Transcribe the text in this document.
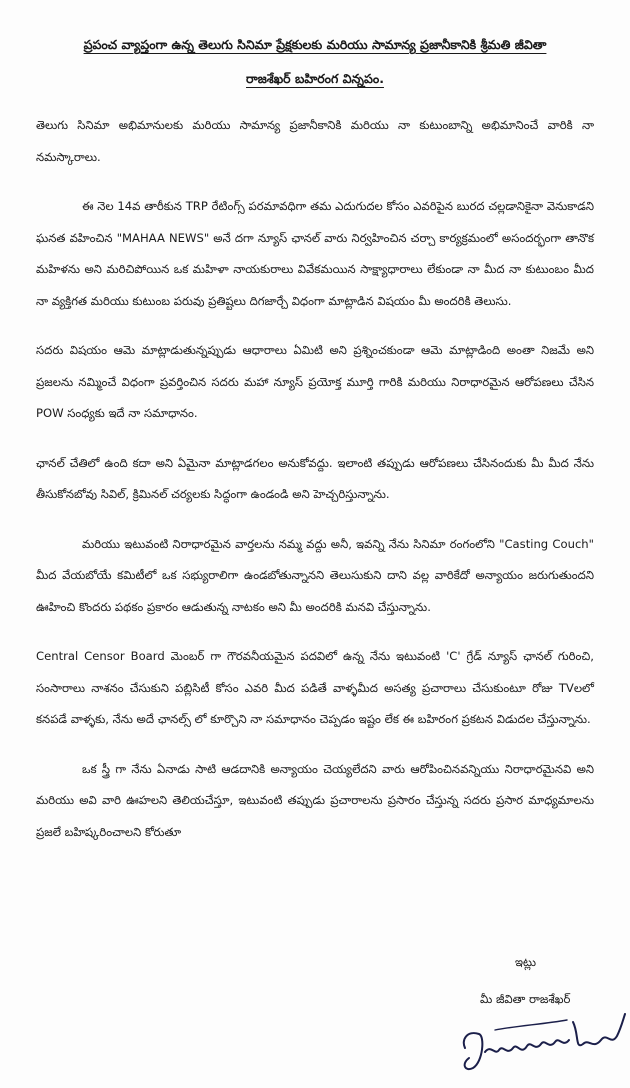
ప్రపంచ వ్యాప్తంగా ఉన్న తెలుగు సినిమా ప్రేక్షకులకు మరియు సామాన్య ప్రజానీకానికి శ్రీమతి జీవితా
రాజశేఖర్ బహిరంగ విన్నపం.

తెలుగు సినిమా అభిమానులకు మరియు సామాన్య ప్రజానీకానికి మరియు నా కుటుంబాన్ని అభిమానించే వారికి నా నమస్కారాలు.

ఈ నెల 14వ తారీకున TRP రేటింగ్స్ పరమావధిగా తమ ఎదుగుదల కోసం ఎవరిపైన బురద చల్లడానికైనా వెనుకాడని ఘనత వహించిన "MAHAA NEWS" అనే దగా న్యూస్ ఛానల్ వారు నిర్వహించిన చర్చా కార్యక్రమంలో అసందర్భంగా తానొక మహిళను అని మరిచిపోయిన ఒక మహిళా నాయకురాలు వివేకమయిన సాక్ష్యాధారాలు లేకుండా నా మీద నా కుటుంబం మీద నా వ్యక్తిగత మరియు కుటుంబ పరువు ప్రతిష్టలు దిగజార్చే విధంగా మాట్లాడిన విషయం మీ అందరికి తెలుసు.

సదరు విషయం ఆమె మాట్లాడుతున్నప్పుడు ఆధారాలు ఏమిటి అని ప్రశ్నించకుండా ఆమె మాట్లాడింది అంతా నిజమే అని ప్రజలను నమ్మించే విధంగా ప్రవర్తించిన సదరు మహా న్యూస్ ప్రయోక్త మూర్తి గారికి మరియు నిరాధారమైన ఆరోపణలు చేసిన POW సంధ్యకు ఇదే నా సమాధానం.

ఛానల్ చేతిలో ఉంది కదా అని ఏమైనా మాట్లాడగలం అనుకోవద్దు. ఇలాంటి తప్పుడు ఆరోపణలు చేసినందుకు మీ మీద నేను తీసుకోనబోవు సివిల్, క్రిమినల్ చర్యలకు సిద్ధంగా ఉండండి అని హెచ్చరిస్తున్నాను.

మరియు ఇటువంటి నిరాధారమైన వార్తలను నమ్మ వద్దు అనీ, ఇవన్ని నేను సినిమా రంగంలోని "Casting Couch" మీద వేయబోయే కమిటీలో ఒక సభ్యురాలిగా ఉండబోతున్నానని తెలుసుకుని దాని వల్ల వారికేదో అన్యాయం జరుగుతుందని ఊహించి కొందరు పథకం ప్రకారం ఆడుతున్న నాటకం అని మీ అందరికి మనవి చేస్తున్నాను.

Central Censor Board మెంబర్ గా గౌరవనీయమైన పదవిలో ఉన్న నేను ఇటువంటి 'C' గ్రేడ్ న్యూస్ ఛానల్ గురించి, సంసారాలు నాశనం చేసుకుని పబ్లిసిటీ కోసం ఎవరి మీద పడితే వాళ్ళమీద అసత్య ప్రచారాలు చేసుకుంటూ రోజు TVలలో కనపడే వాళ్ళకు, నేను అదే ఛానల్స్ లో కూర్చొని నా సమాధానం చెప్పడం ఇష్టం లేక ఈ బహిరంగ ప్రకటన విడుదల చేస్తున్నాను.

ఒక స్త్రీ గా నేను ఏనాడు సాటి ఆడదానికి అన్యాయం చెయ్యలేదని వారు ఆరోపించినవన్నియు నిరాధారమైనవి అని మరియు అవి వారి ఊహలని తెలియచేస్తూ, ఇటువంటి తప్పుడు ప్రచారాలను ప్రసారం చేస్తున్న సదరు ప్రసార మాధ్యమాలను ప్రజలే బహిష్కరించాలని కోరుతూ

ఇట్లు
మీ జీవితా రాజశేఖర్
